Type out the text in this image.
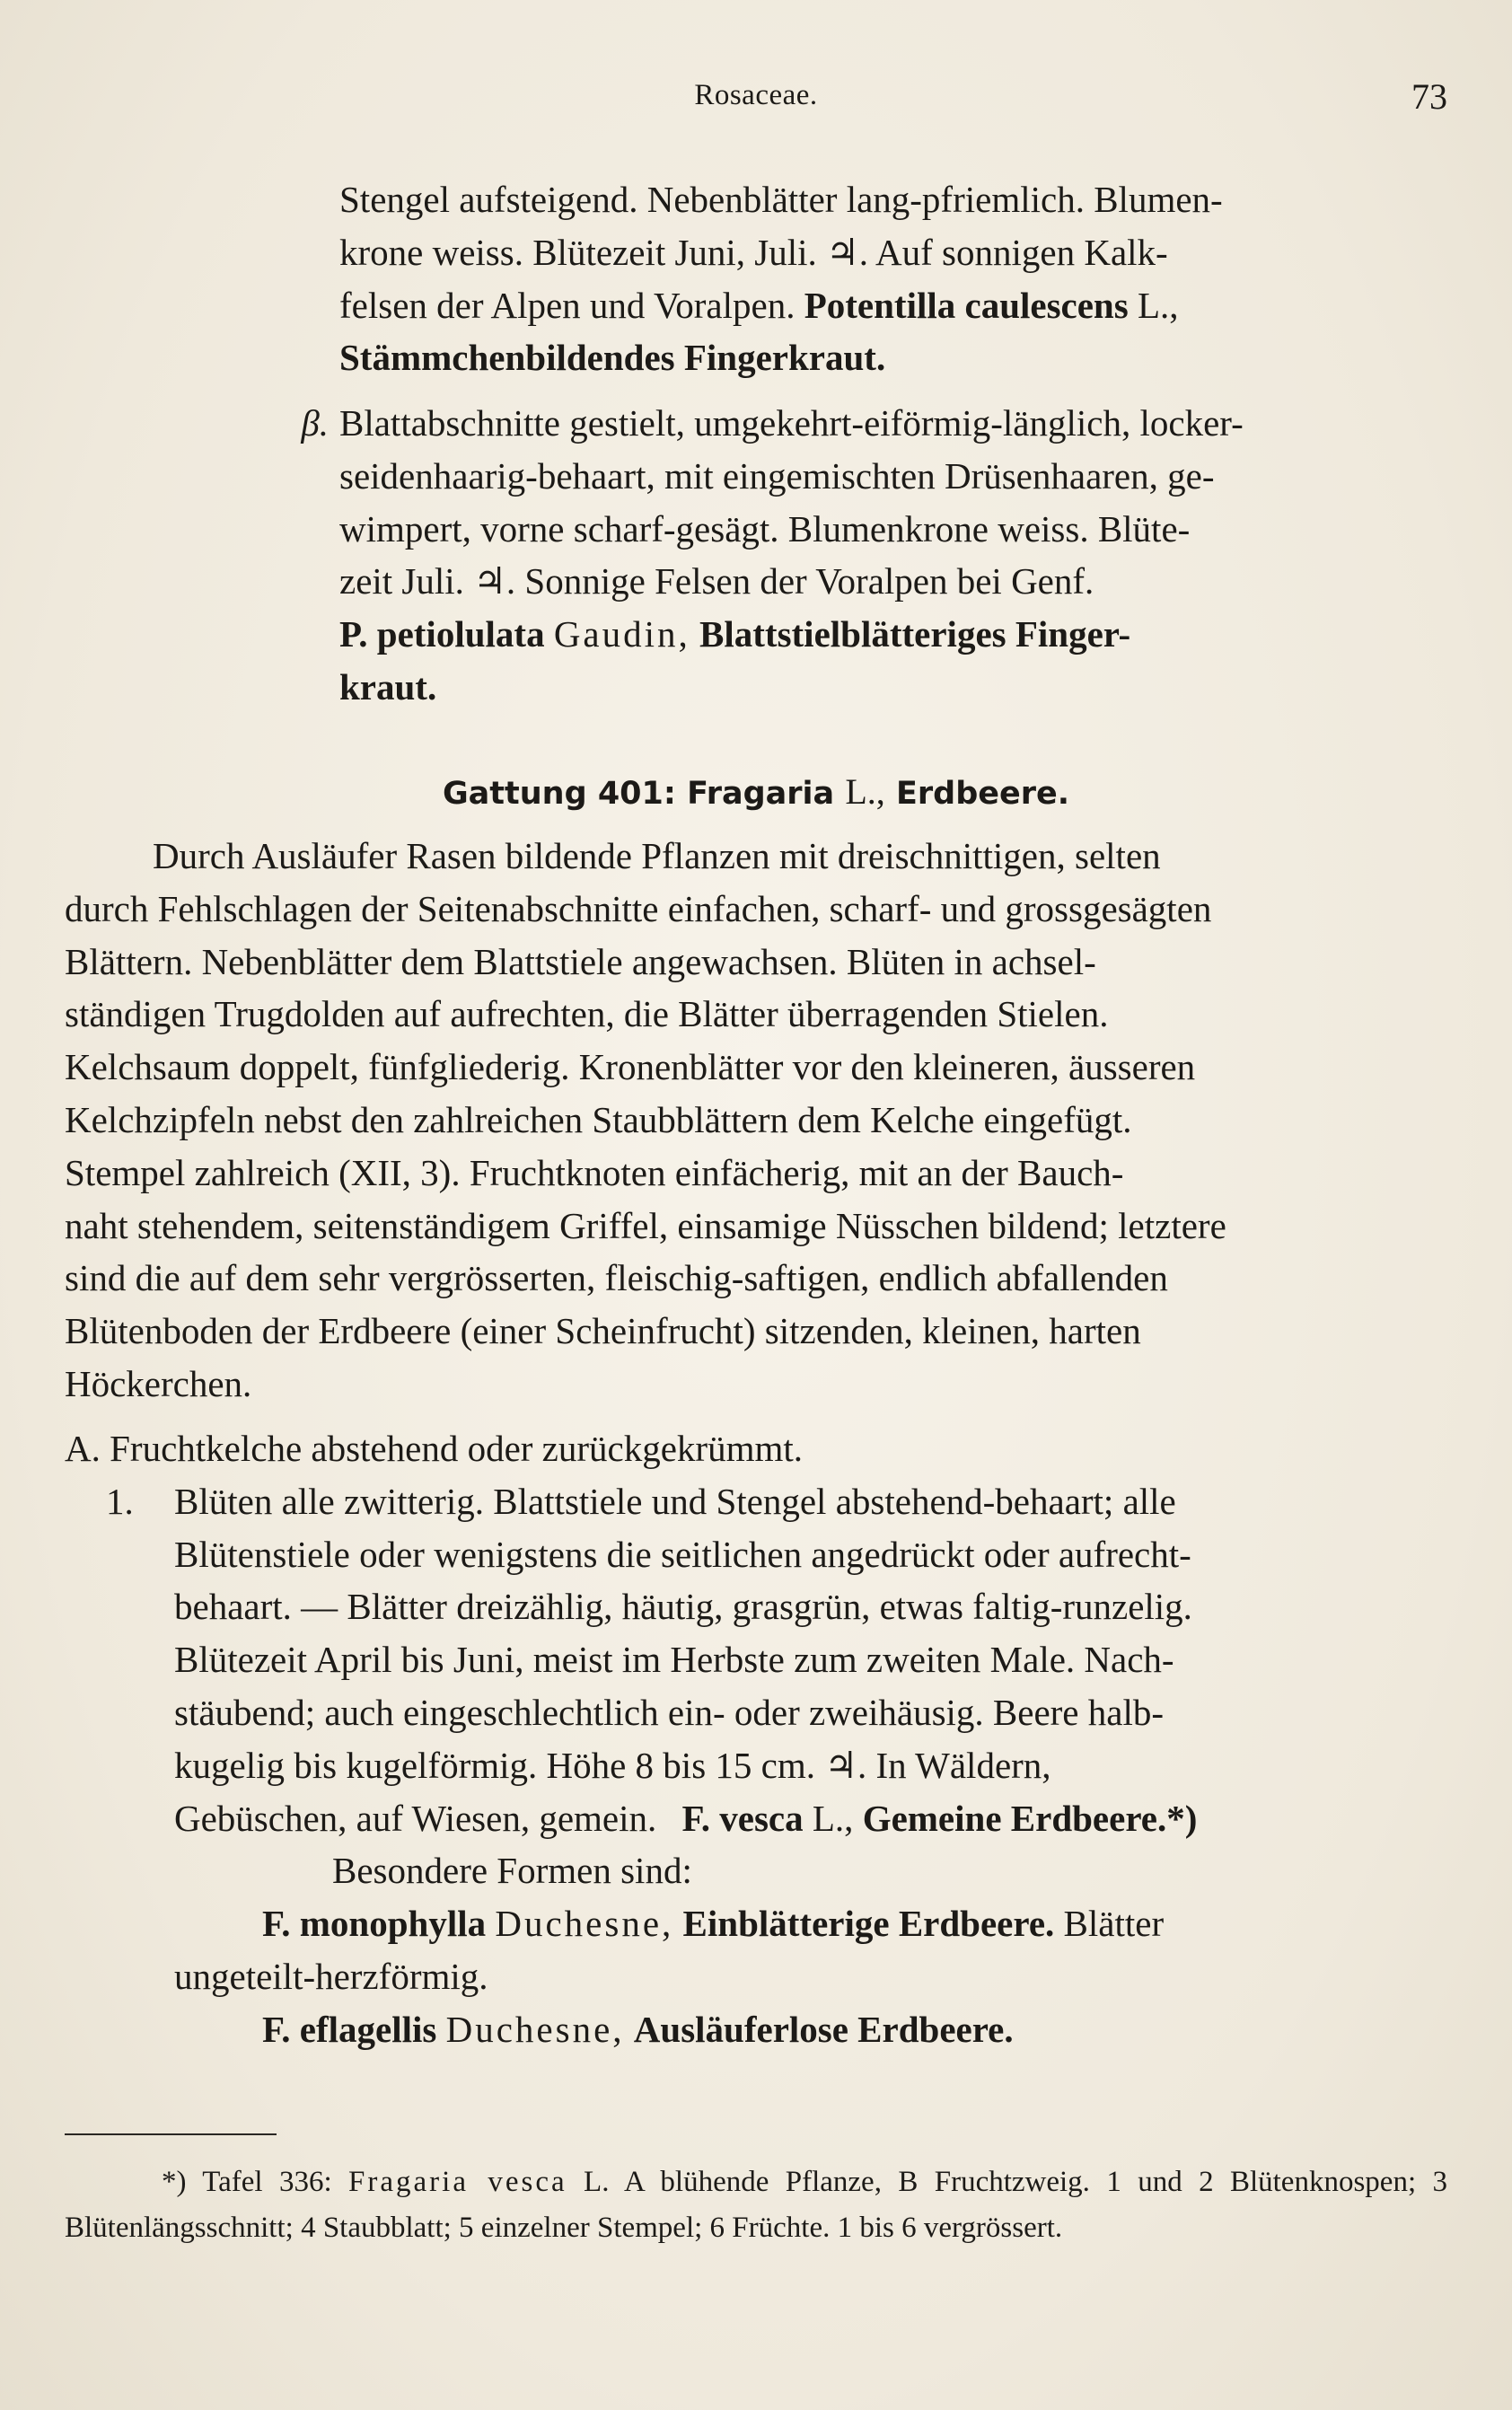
Rosaceae.	73

Stengel aufsteigend. Nebenblätter lang-pfriemlich. Blumen-

krone weiss. Blütezeit Juni, Juli. ♃. Auf sonnigen Kalk-

felsen der Alpen und Voralpen. Potentilla caulescens L.,

Stämmchenbildendes Fingerkraut.

β. Blattabschnitte gestielt, umgekehrt-eiförmig-länglich, locker-

seidenhaarig-behaart, mit eingemischten Drüsenhaaren, ge-

wimpert, vorne scharf-gesägt. Blumenkrone weiss. Blüte-

zeit Juli. ♃. Sonnige Felsen der Voralpen bei Genf.

P. petiolulata Gaudin, Blattstielblätteriges Finger-

kraut.

Gattung 401: Fragaria L., Erdbeere.

Durch Ausläufer Rasen bildende Pflanzen mit dreischnittigen, selten

durch Fehlschlagen der Seitenabschnitte einfachen, scharf- und grossgesägten

Blättern. Nebenblätter dem Blattstiele angewachsen. Blüten in achsel-

ständigen Trugdolden auf aufrechten, die Blätter überragenden Stielen.

Kelchsaum doppelt, fünfgliederig. Kronenblätter vor den kleineren, äusseren

Kelchzipfeln nebst den zahlreichen Staubblättern dem Kelche eingefügt.

Stempel zahlreich (XII, 3). Fruchtknoten einfächerig, mit an der Bauch-

naht stehendem, seitenständigem Griffel, einsamige Nüsschen bildend; letztere

sind die auf dem sehr vergrösserten, fleischig-saftigen, endlich abfallenden

Blütenboden der Erdbeere (einer Scheinfrucht) sitzenden, kleinen, harten

Höckerchen.

A. Fruchtkelche abstehend oder zurückgekrümmt.

1. Blüten alle zwitterig. Blattstiele und Stengel abstehend-behaart; alle

Blütenstiele oder wenigstens die seitlichen angedrückt oder aufrecht-

behaart. — Blätter dreizählig, häutig, grasgrün, etwas faltig-runzelig.

Blütezeit April bis Juni, meist im Herbste zum zweiten Male. Nach-

stäubend; auch eingeschlechtlich ein- oder zweihäusig. Beere halb-

kugelig bis kugelförmig. Höhe 8 bis 15 cm. ♃. In Wäldern,

Gebüschen, auf Wiesen, gemein. F. vesca L., Gemeine Erdbeere.*)

Besondere Formen sind:

F. monophylla Duchesne, Einblätterige Erdbeere. Blätter

ungeteilt-herzförmig.

F. eflagellis Duchesne, Ausläuferlose Erdbeere.

*) Tafel 336: Fragaria vesca L. A blühende Pflanze, B Fruchtzweig. 1 und 2 Blütenknospen; 3 Blütenlängsschnitt; 4 Staubblatt; 5 einzelner Stempel; 6 Früchte. 1 bis 6 vergrössert.
